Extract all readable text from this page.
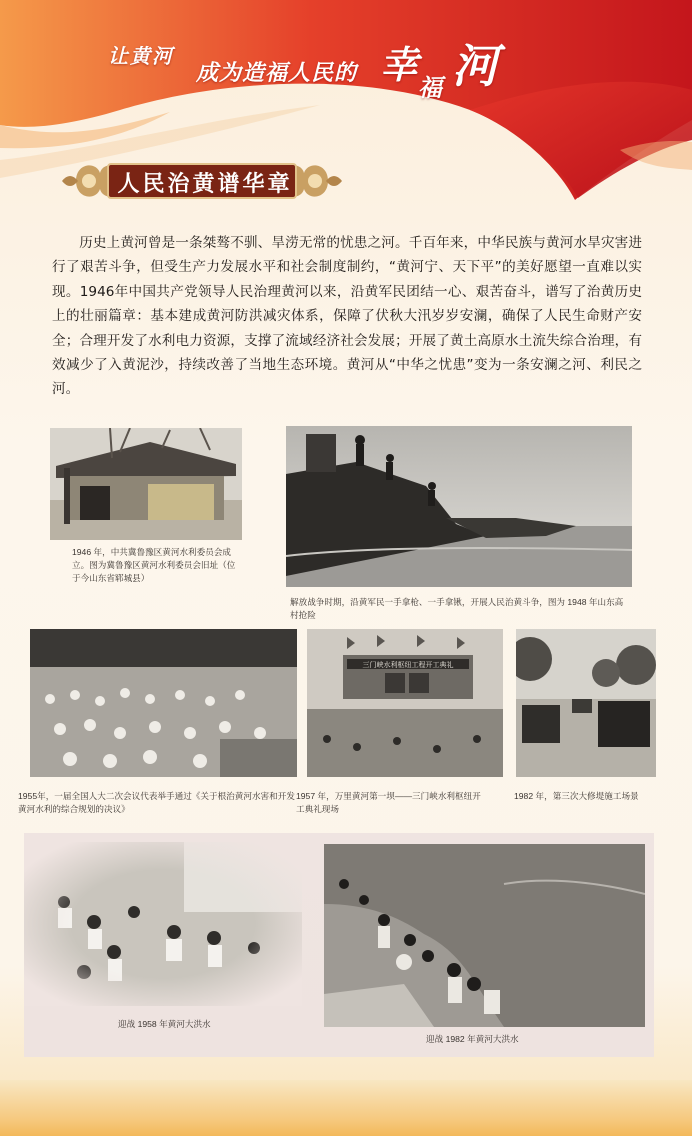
让黄河
成为造福人民的 幸
福 河
人民治黄谱华章

历史上黄河曾是一条桀骜不驯、旱涝无常的忧患之河。千百年来，中华民族与黄河水旱灾害进行了艰苦斗争，但受生产力发展水平和社会制度制约，“黄河宁、天下平”的美好愿望一直难以实现。1946年中国共产党领导人民治理黄河以来，沿黄军民团结一心、艰苦奋斗，谱写了治黄历史上的壮丽篇章：基本建成黄河防洪减灾体系，保障了伏秋大汛岁岁安澜，确保了人民生命财产安全；合理开发了水利电力资源，支撑了流域经济社会发展；开展了黄土高原水土流失综合治理，有效减少了入黄泥沙，持续改善了当地生态环境。黄河从“中华之忧患”变为一条安澜之河、利民之河。

1946 年，中共冀鲁豫区黄河水利委员会成立。图为冀鲁豫区黄河水利委员会旧址（位于今山东省郓城县）

解放战争时期，沿黄军民一手拿枪、一手拿锹，开展人民治黄斗争，图为 1948 年山东高村抢险

1955年，一届全国人大二次会议代表举手通过《关于根治黄河水害和开发黄河水利的综合规划的决议》

三门峡水利枢纽工程开工典礼

1957 年，万里黄河第一坝——三门峡水利枢纽开工典礼现场

1982 年，第三次大修堤施工场景

迎战 1958 年黄河大洪水

迎战 1982 年黄河大洪水
